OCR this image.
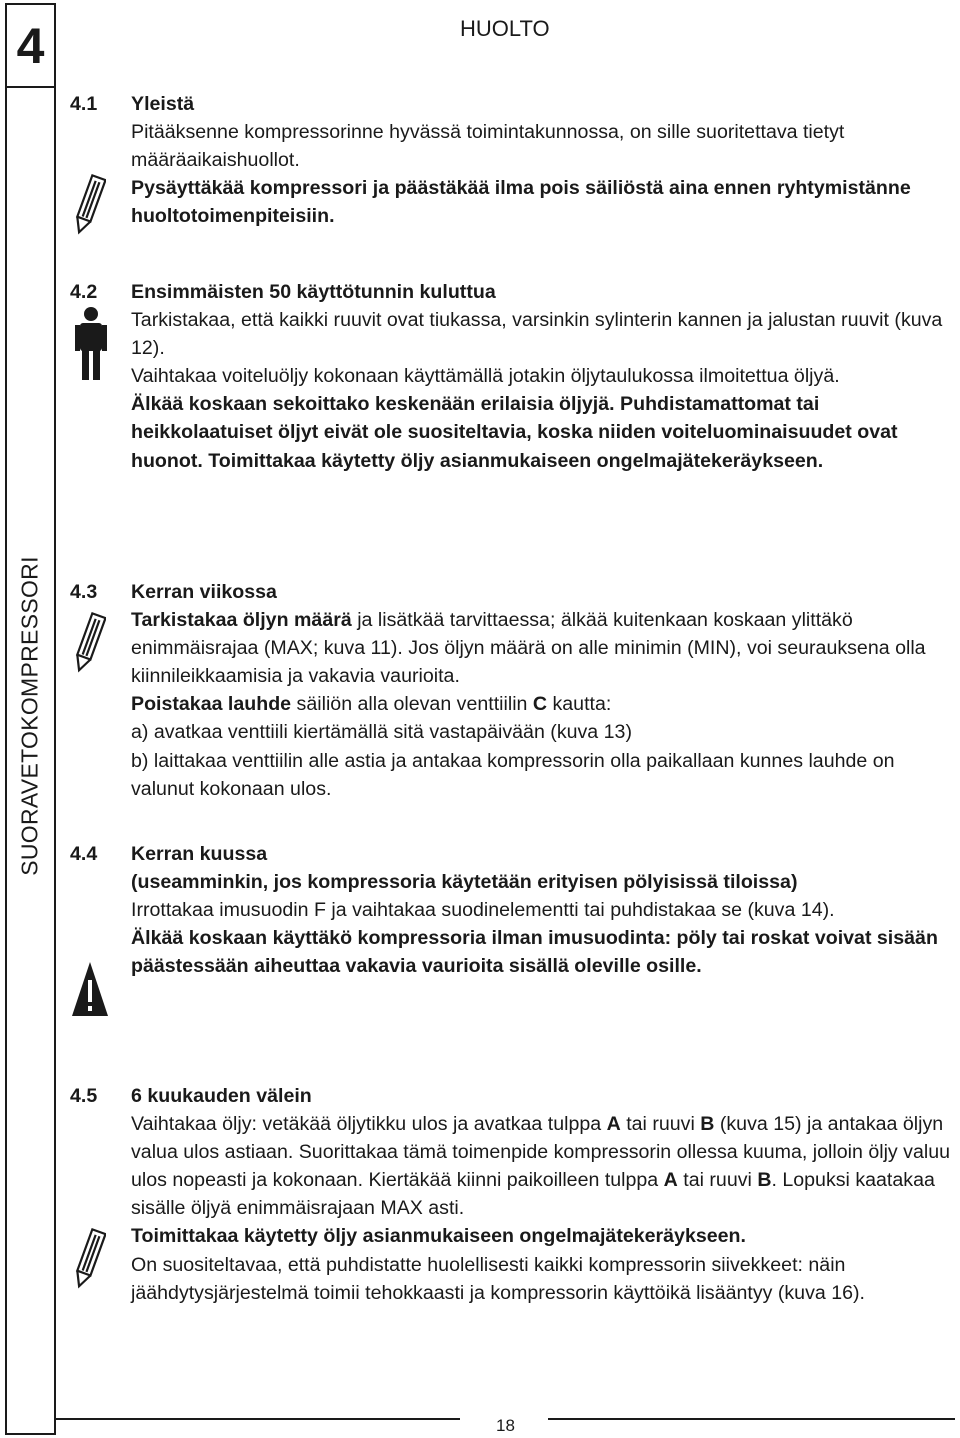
4
SUORAVETOKOMPRESSORI
HUOLTO
4.1 Yleistä

Pitääksenne kompressorinne hyvässä toimintakunnossa, on sille suoritettava tietyt määräaikaishuollot.

Pysäyttäkää kompressori ja päästäkää ilma pois säiliöstä aina ennen ryhtymistänne huoltotoimenpiteisiin.

4.2 Ensimmäisten 50 käyttötunnin kuluttua

Tarkistakaa, että kaikki ruuvit ovat tiukassa, varsinkin sylinterin kannen ja jalustan ruuvit (kuva 12).

Vaihtakaa voiteluöljy kokonaan käyttämällä jotakin öljytaulukossa ilmoitettua öljyä.

Älkää koskaan sekoittako keskenään erilaisia öljyjä. Puhdistamattomat tai heikkolaatuiset öljyt eivät ole suositeltavia, koska niiden voiteluominaisuudet ovat huonot. Toimittakaa käytetty öljy asianmukaiseen ongelmajätekeräykseen.

4.3 Kerran viikossa

Tarkistakaa öljyn määrä ja lisätkää tarvittaessa; älkää kuitenkaan koskaan ylittäkö enimmäisrajaa (MAX; kuva 11). Jos öljyn määrä on alle minimin (MIN), voi seurauksena olla kiinnileikkaamisia ja vakavia vaurioita.

Poistakaa lauhde säiliön alla olevan venttiilin C kautta:

a) avatkaa venttiili kiertämällä sitä vastapäivään (kuva 13)

b) laittakaa venttiilin alle astia ja antakaa kompressorin olla paikallaan kunnes lauhde on valunut kokonaan ulos.

4.4 Kerran kuussa

(useamminkin, jos kompressoria käytetään erityisen pölyisissä tiloissa)

Irrottakaa imusuodin F ja vaihtakaa suodinelementti tai puhdistakaa se (kuva 14).

Älkää koskaan käyttäkö kompressoria ilman imusuodinta: pöly tai roskat voivat sisään päästessään aiheuttaa vakavia vaurioita sisällä oleville osille.

4.5 6 kuukauden välein

Vaihtakaa öljy: vetäkää öljytikku ulos ja avatkaa tulppa A tai ruuvi B (kuva 15) ja antakaa öljyn valua ulos astiaan. Suorittakaa tämä toimenpide kompressorin ollessa kuuma, jolloin öljy valuu ulos nopeasti ja kokonaan. Kiertäkää kiinni paikoilleen tulppa A tai ruuvi B. Lopuksi kaatakaa sisälle öljyä enimmäisrajaan MAX asti.

Toimittakaa käytetty öljy asianmukaiseen ongelmajätekeräykseen.

On suositeltavaa, että puhdistatte huolellisesti kaikki kompressorin siivekkeet: näin jäähdytysjärjestelmä toimii tehokkaasti ja kompressorin käyttöikä lisääntyy (kuva 16).

18
